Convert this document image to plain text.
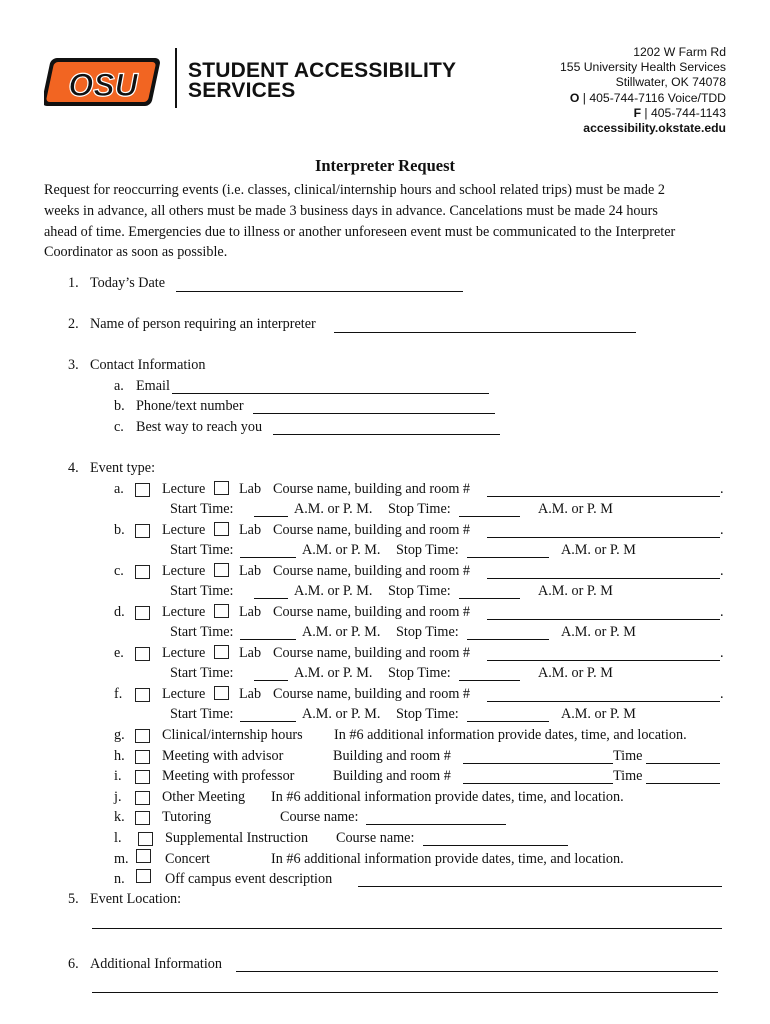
OSU STUDENT ACCESSIBILITY
SERVICES
1202 W Farm Rd
155 University Health Services
Stillwater, OK 74078
O | 405-744-7116 Voice/TDD
F | 405-744-1143
accessibility.okstate.edu
Interpreter Request
Request for reoccurring events (i.e. classes, clinical/internship hours and school related trips) must be made 2
weeks in advance, all others must be made 3 business days in advance. Cancelations must be made 24 hours
ahead of time. Emergencies due to illness or another unforeseen event must be communicated to the Interpreter
Coordinator as soon as possible.
1. Today’s Date
2. Name of person requiring an interpreter
3. Contact Information
a. Email
b. Phone/text number
c. Best way to reach you
4. Event type:
a.	Lecture Lab Course name, building and room #	.
Start Time:	A.M. or P. M. Stop Time:	A.M. or P. M
b.	Lecture Lab Course name, building and room #	.
Start Time:	A.M. or P. M. Stop Time:	A.M. or P. M
c.	Lecture Lab Course name, building and room #	.
Start Time:	A.M. or P. M. Stop Time:	A.M. or P. M
d.	Lecture Lab Course name, building and room #	.
Start Time:	A.M. or P. M. Stop Time:	A.M. or P. M
e.	Lecture Lab Course name, building and room #	.
Start Time:	A.M. or P. M. Stop Time:	A.M. or P. M
f.	Lecture Lab Course name, building and room #	.
Start Time:	A.M. or P. M. Stop Time:	A.M. or P. M
g.	Clinical/internship hours In #6 additional information provide dates, time, and location.
h.	Meeting with advisor	Building and room #	Time
i.	Meeting with professor	Building and room #	Time
j.	Other Meeting In #6 additional information provide dates, time, and location.
k.	Tutoring	Course name:
l.	Supplemental Instruction Course name:
m.	Concert	In #6 additional information provide dates, time, and location.
n.	Off campus event description
5. Event Location:
6. Additional Information
